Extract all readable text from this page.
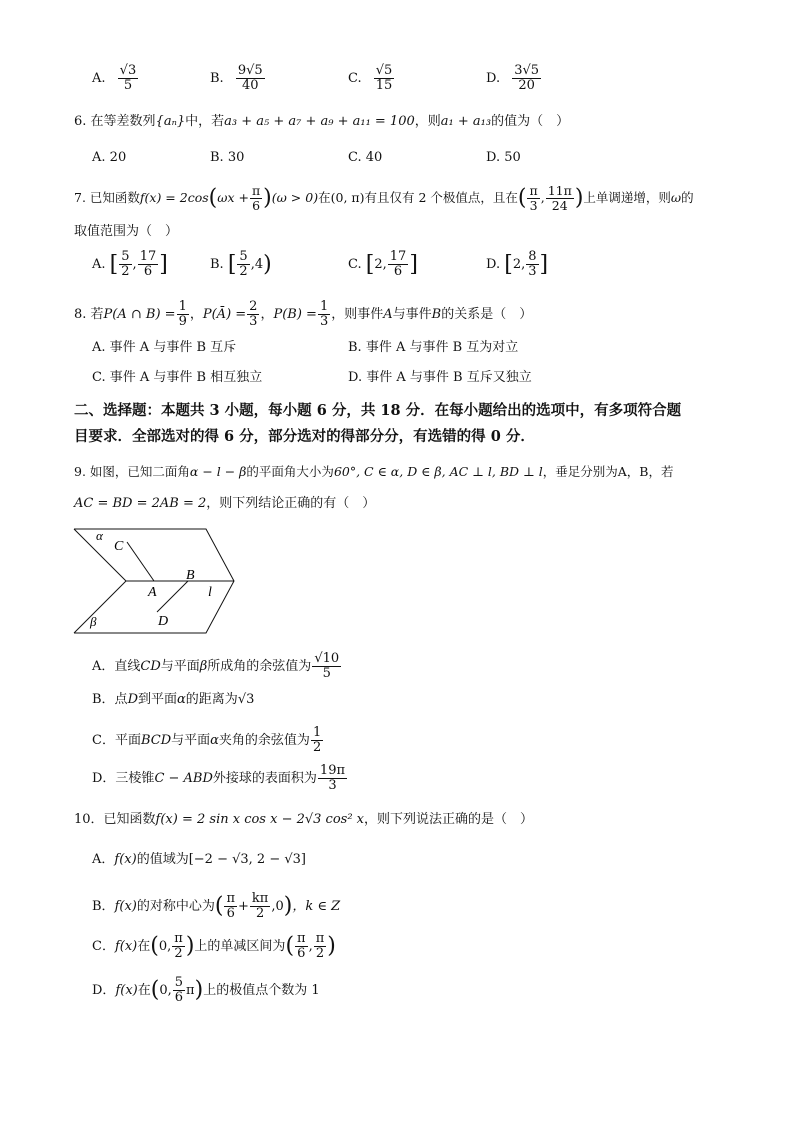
A. $\frac{√3}{5}$	B. $\frac{9√5}{40}$	C. $\frac{√5}{15}$	D. $\frac{3√5}{20}$
6. 在等差数列{aₙ}中，若a₃ + a₅ + a₇ + a₉ + a₁₁ = 100，则a₁ + a₁₃的值为（　）
A. 20	B. 30	C. 40	D. 50
7. 已知函数$f(x) = 2\cos(\omega x + \frac{\pi}{6} )(\omega > 0)$在(0, π)有且仅有 2 个极值点，且在( $\frac{\pi}{3}$ , $\frac{11\pi}{24}$ )上单调递增，则ω的
取值范围为（　）
A. [ $\frac{5}{2}$ , $\frac{17}{6}$ ]	B. [ $\frac{5}{2} ,4$)	C. [2, $\frac{17}{6}$ ]	D. [2, $\frac{8}{3}$ ]
8. 若P(A ∩ $B) = \frac{1}{9}$ ，P(Ā) = $\frac{2}{3}$ ，$P(B) = \frac{1}{3}$ ，则事件A与事件B的关系是（　）
A. 事件 A 与事件 B 互斥	B. 事件 A 与事件 B 互为对立
C. 事件 A 与事件 B 相互独立	D. 事件 A 与事件 B 互斥又独立
二、选择题：本题共 3 小题，每小题 6 分，共 18 分．在每小题给出的选项中，有多项符合题
目要求．全部选对的得 6 分，部分选对的得部分分，有选错的得 0 分．
9. 如图，已知二面角α − l − β的平面角大小为60°, C ∈ α, D ∈ β, AC ⊥ l, BD ⊥ l，垂足分别为A，B，若
AC = BD = 2AB = 2，则下列结论正确的有（　）
α
C
B
A	l
D
β
A．直线CD与平面β所成角的余弦值为 $\frac{√10}{5}$
B．点D到平面α的距离为√3
C．平面BCD与平面α夹角的余弦值为 $\frac{1}{2}$
D．三棱锥C − ABD外接球的表面积为 $\frac{19\pi}{3}$
10．已知函数f(x) = 2 sin x cos x − 2√3 cos² x，则下列说法正确的是（　）
A．f(x)的值域为[−2 − √3, 2 − √3]
B．f(x)的对称中心为( $\frac{\pi}{6} + \frac{k\pi}{2} ,0$)，k ∈ Z
C．f(x)在(0, $\frac{\pi}{2}$ )上的单减区间为( $\frac{\pi}{6}$ , $\frac{\pi}{2}$ )
D．f(x)在(0, $\frac{5}{6} \pi$)上的极值点个数为 1
